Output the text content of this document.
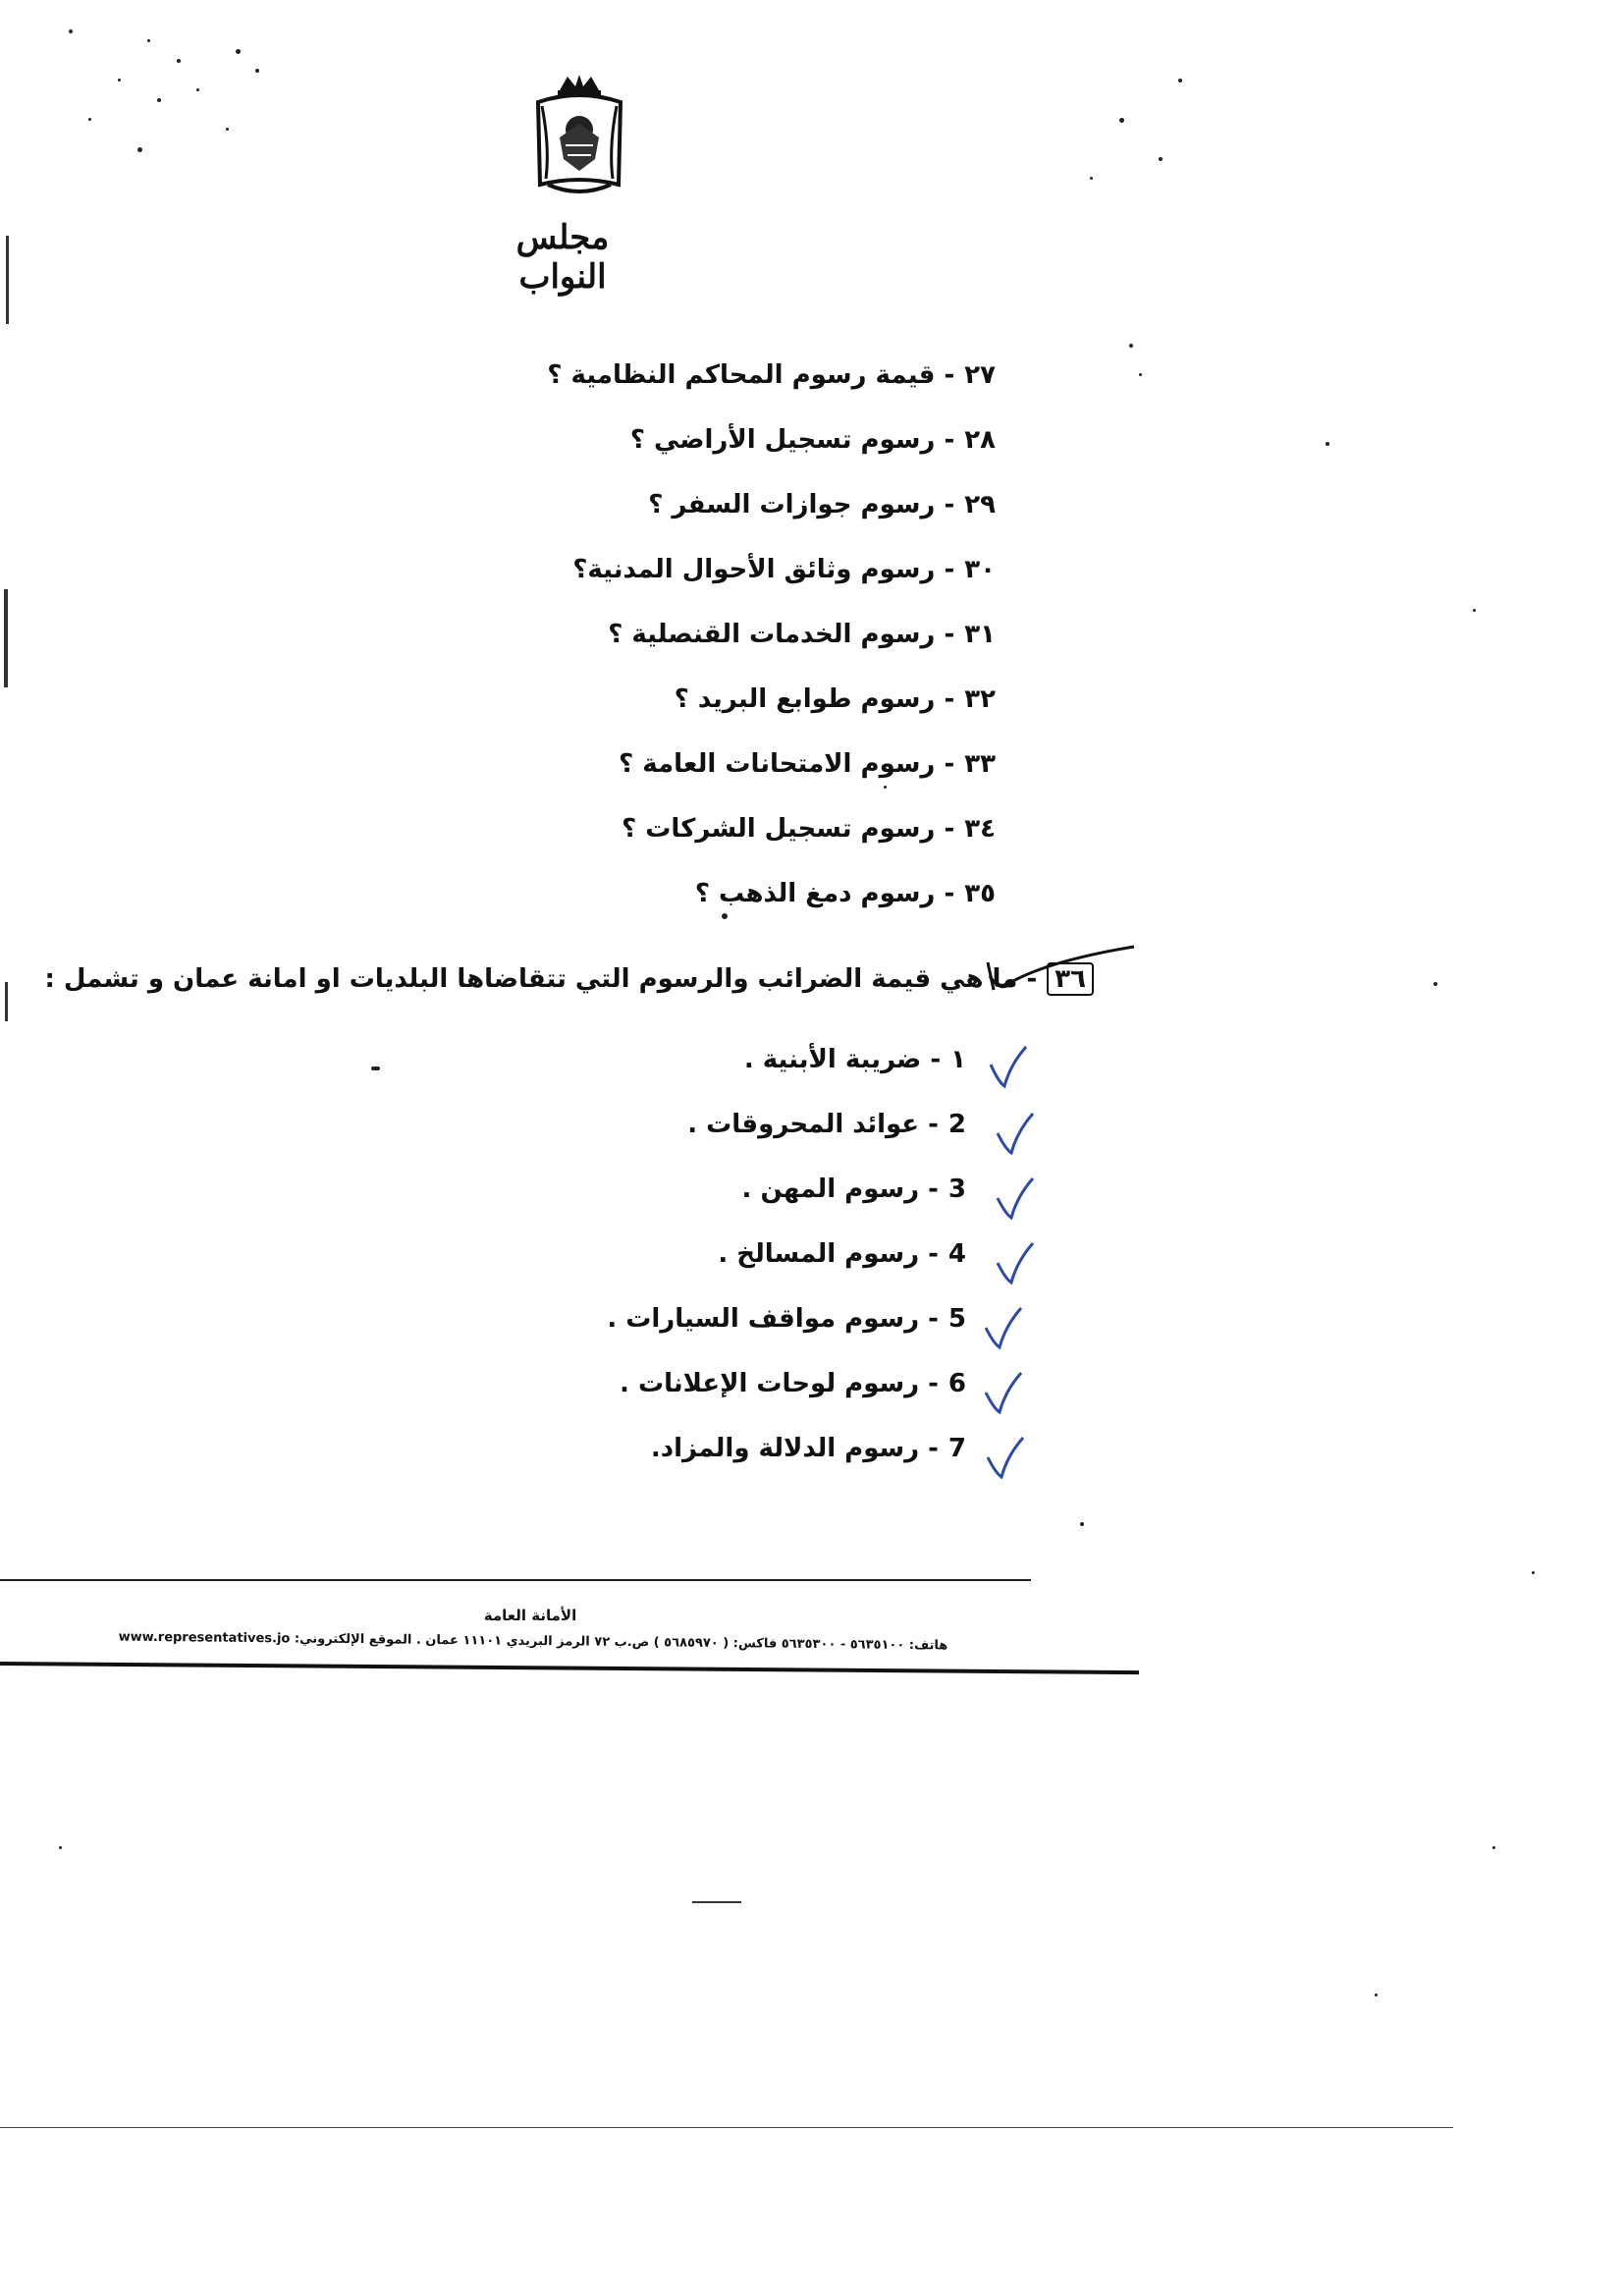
مجلس النواب
٢٧- قيمة رسوم المحاكم النظامية ؟
٢٨- رسوم تسجيل الأراضي ؟
٢٩- رسوم جوازات السفر ؟
٣٠- رسوم وثائق الأحوال المدنية؟
٣١- رسوم الخدمات القنصلية ؟
٣٢- رسوم طوابع البريد ؟
٣٣- رسوم الامتحانات العامة ؟
٣٤- رسوم تسجيل الشركات ؟
٣٥- رسوم دمغ الذهب ؟
٣٦- ما هي قيمة الضرائب والرسوم التي تتقاضاها البلديات او امانة عمان و تشمل :
١- ضريبة الأبنية .
2- عوائد المحروقات .
3- رسوم المهن .
4- رسوم المسالخ .
5- رسوم مواقف السيارات .
6- رسوم لوحات الإعلانات .
7- رسوم الدلالة والمزاد.
الأمانة العامة
هاتف: ٥٦٣٥١٠٠ - ٥٦٣٥٣٠٠ فاكس: ( ٥٦٨٥٩٧٠ ) ص.ب ٧٢ الرمز البريدي ١١١٠١ عمان . الموقع الإلكتروني: www.representatives.jo
